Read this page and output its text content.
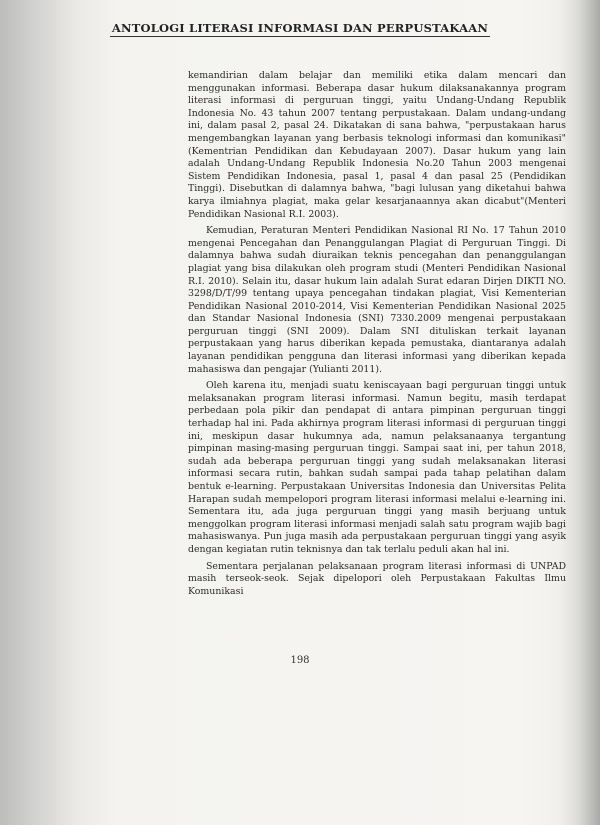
ANTOLOGI LITERASI INFORMASI DAN PERPUSTAKAAN

kemandirian dalam belajar dan memiliki etika dalam mencari dan menggunakan informasi. Beberapa dasar hukum dilaksanakannya program literasi informasi di perguruan tinggi, yaitu Undang-Undang Republik Indonesia No. 43 tahun 2007 tentang perpustakaan. Dalam undang-undang ini, dalam pasal 2, pasal 24. Dikatakan di sana bahwa, "perpustakaan harus mengembangkan layanan yang berbasis teknologi informasi dan komunikasi" (Kementrian Pendidikan dan Kebudayaan 2007). Dasar hukum yang lain adalah Undang-Undang Republik Indonesia No.20 Tahun 2003 mengenai Sistem Pendidikan Indonesia, pasal 1, pasal 4 dan pasal 25 (Pendidikan Tinggi). Disebutkan di dalamnya bahwa, "bagi lulusan yang diketahui bahwa karya ilmiahnya plagiat, maka gelar kesarjanaannya akan dicabut"(Menteri Pendidikan Nasional R.I. 2003).

Kemudian, Peraturan Menteri Pendidikan Nasional RI No. 17 Tahun 2010 mengenai Pencegahan dan Penanggulangan Plagiat di Perguruan Tinggi. Di dalamnya bahwa sudah diuraikan teknis pencegahan dan penanggulangan plagiat yang bisa dilakukan oleh program studi (Menteri Pendidikan Nasional R.I. 2010). Selain itu, dasar hukum lain adalah Surat edaran Dirjen DIKTI NO. 3298/D/T/99 tentang upaya pencegahan tindakan plagiat, Visi Kementerian Pendidikan Nasional 2010-2014, Visi Kementerian Pendidikan Nasional 2025 dan Standar Nasional Indonesia (SNI) 7330.2009 mengenai perpustakaan perguruan tinggi (SNI 2009). Dalam SNI dituliskan terkait layanan perpustakaan yang harus diberikan kepada pemustaka, diantaranya adalah layanan pendidikan pengguna dan literasi informasi yang diberikan kepada mahasiswa dan pengajar (Yulianti 2011).

Oleh karena itu, menjadi suatu keniscayaan bagi perguruan tinggi untuk melaksanakan program literasi informasi. Namun begitu, masih terdapat perbedaan pola pikir dan pendapat di antara pimpinan perguruan tinggi terhadap hal ini. Pada akhirnya program literasi informasi di perguruan tinggi ini, meskipun dasar hukumnya ada, namun pelaksanaanya tergantung pimpinan masing-masing perguruan tinggi. Sampai saat ini, per tahun 2018, sudah ada beberapa perguruan tinggi yang sudah melaksanakan literasi informasi secara rutin, bahkan sudah sampai pada tahap pelatihan dalam bentuk e-learning. Perpustakaan Universitas Indonesia dan Universitas Pelita Harapan sudah mempelopori program literasi informasi melalui e-learning ini. Sementara itu, ada juga perguruan tinggi yang masih berjuang untuk menggolkan program literasi informasi menjadi salah satu program wajib bagi mahasiswanya. Pun juga masih ada perpustakaan perguruan tinggi yang asyik dengan kegiatan rutin teknisnya dan tak terlalu peduli akan hal ini.

Sementara perjalanan pelaksanaan program literasi informasi di UNPAD masih terseok-seok. Sejak dipelopori oleh Perpustakaan Fakultas Ilmu Komunikasi

198
